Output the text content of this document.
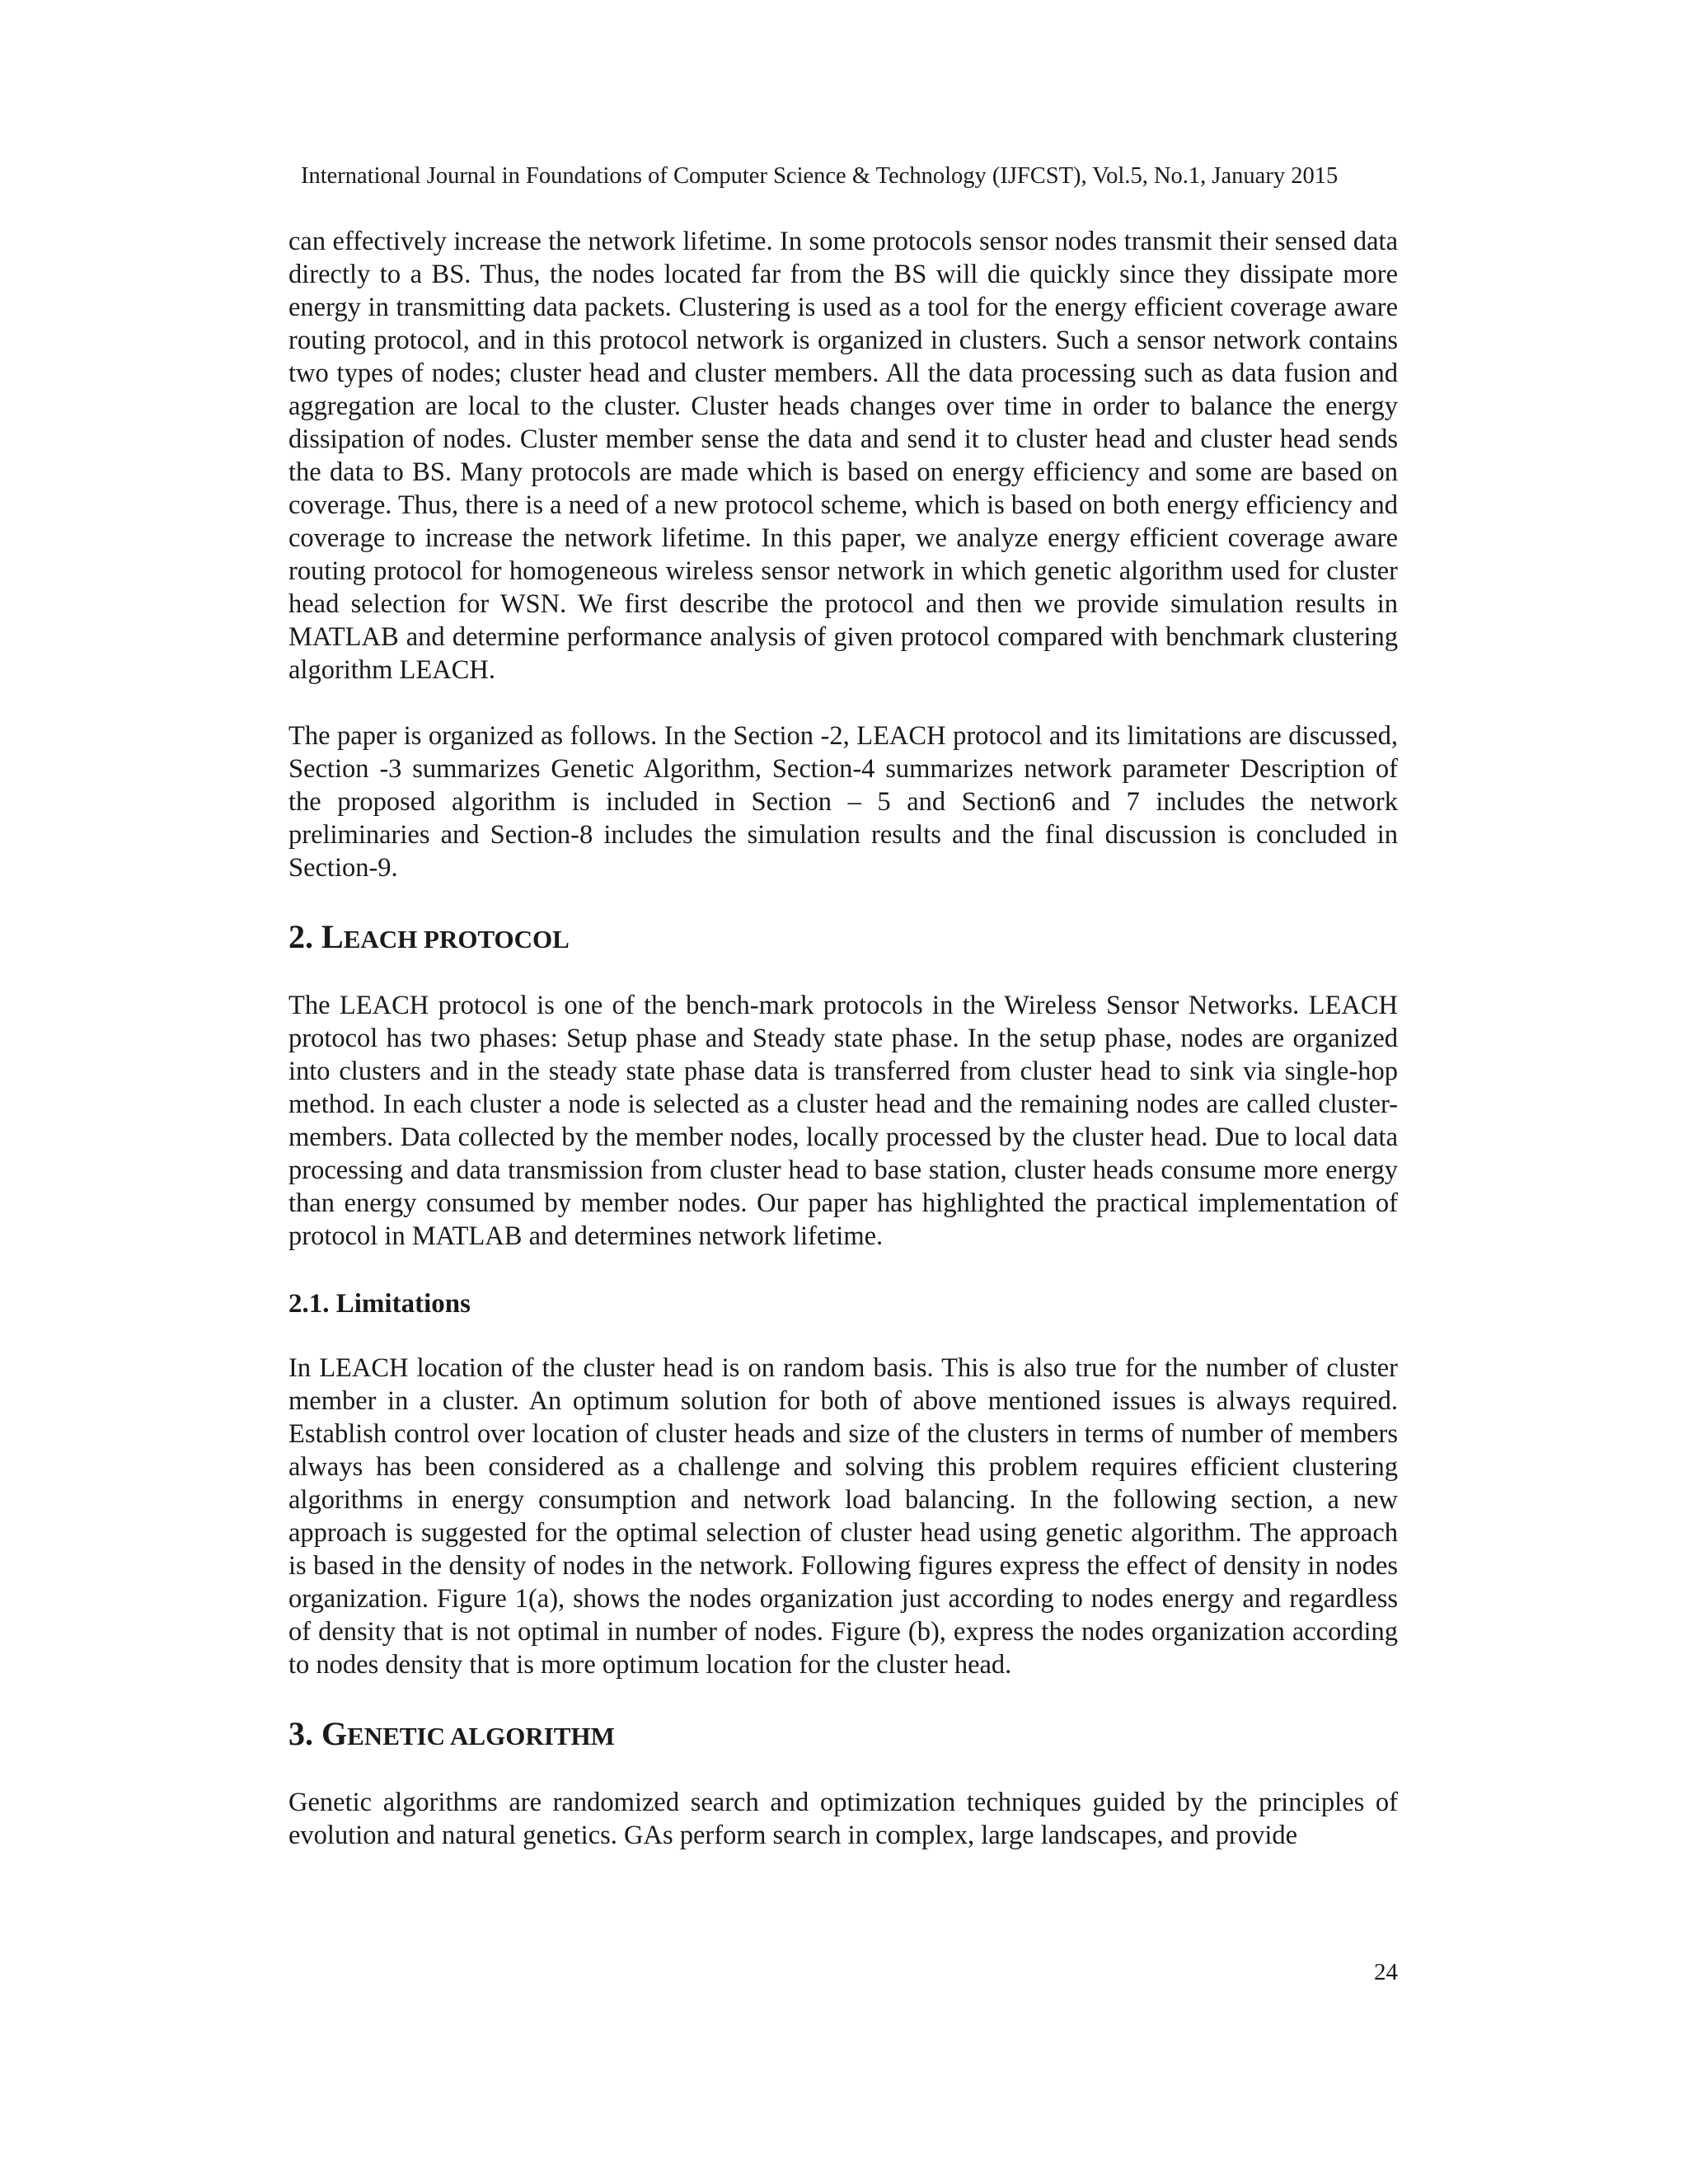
International Journal in Foundations of Computer Science & Technology (IJFCST), Vol.5, No.1, January 2015

can effectively increase the network lifetime. In some protocols sensor nodes transmit their sensed data directly to a BS. Thus, the nodes located far from the BS will die quickly since they dissipate more energy in transmitting data packets. Clustering is used as a tool for the energy efficient coverage aware routing protocol, and in this protocol network is organized in clusters. Such a sensor network contains two types of nodes; cluster head and cluster members. All the data processing such as data fusion and aggregation are local to the cluster. Cluster heads changes over time in order to balance the energy dissipation of nodes. Cluster member sense the data and send it to cluster head and cluster head sends the data to BS. Many protocols are made which is based on energy efficiency and some are based on coverage. Thus, there is a need of a new protocol scheme, which is based on both energy efficiency and coverage to increase the network lifetime. In this paper, we analyze energy efficient coverage aware routing protocol for homogeneous wireless sensor network in which genetic algorithm used for cluster head selection for WSN. We first describe the protocol and then we provide simulation results in MATLAB and determine performance analysis of given protocol compared with benchmark clustering algorithm LEACH.

The paper is organized as follows. In the Section -2, LEACH protocol and its limitations are discussed, Section -3 summarizes Genetic Algorithm, Section-4 summarizes network parameter Description of the proposed algorithm is included in Section – 5 and Section6 and 7 includes the network preliminaries and Section-8 includes the simulation results and the final discussion is concluded in Section-9.

2. LEACH PROTOCOL

The LEACH protocol is one of the bench-mark protocols in the Wireless Sensor Networks. LEACH protocol has two phases: Setup phase and Steady state phase. In the setup phase, nodes are organized into clusters and in the steady state phase data is transferred from cluster head to sink via single-hop method. In each cluster a node is selected as a cluster head and the remaining nodes are called cluster-members. Data collected by the member nodes, locally processed by the cluster head. Due to local data processing and data transmission from cluster head to base station, cluster heads consume more energy than energy consumed by member nodes. Our paper has highlighted the practical implementation of protocol in MATLAB and determines network lifetime.

2.1. Limitations

In LEACH location of the cluster head is on random basis. This is also true for the number of cluster member in a cluster. An optimum solution for both of above mentioned issues is always required. Establish control over location of cluster heads and size of the clusters in terms of number of members always has been considered as a challenge and solving this problem requires efficient clustering algorithms in energy consumption and network load balancing. In the following section, a new approach is suggested for the optimal selection of cluster head using genetic algorithm. The approach is based in the density of nodes in the network. Following figures express the effect of density in nodes organization. Figure 1(a), shows the nodes organization just according to nodes energy and regardless of density that is not optimal in number of nodes. Figure (b), express the nodes organization according to nodes density that is more optimum location for the cluster head.

3. GENETIC ALGORITHM

Genetic algorithms are randomized search and optimization techniques guided by the principles of evolution and natural genetics. GAs perform search in complex, large landscapes, and provide

24
